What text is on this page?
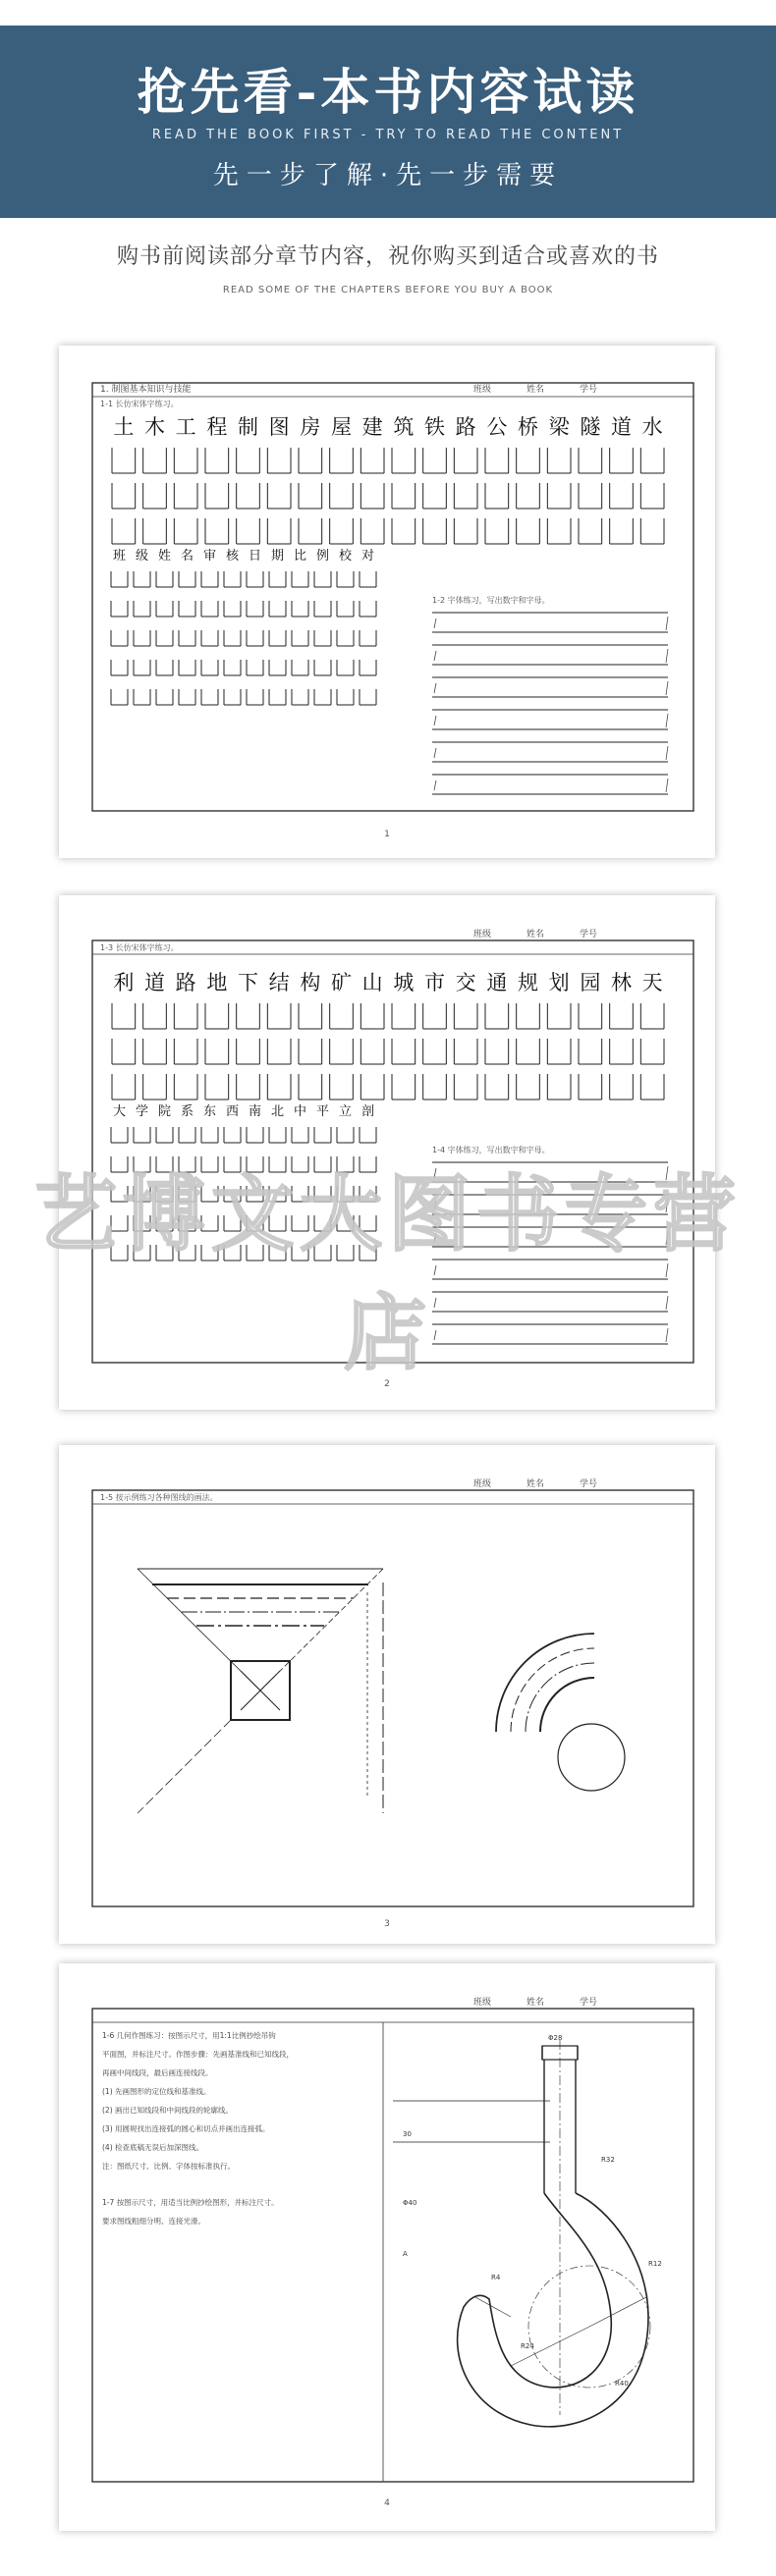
抢先看-本书内容试读
READ THE BOOK FIRST - TRY TO READ THE CONTENT
先一步了解·先一步需要
购书前阅读部分章节内容，祝你购买到适合或喜欢的书
READ SOME OF THE CHAPTERS BEFORE YOU BUY A BOOK
1. 制图基本知识与技能
1-1 长仿宋体字练习。
班级	姓名	学号
土 木 工 程 制 图 房 屋 建 筑 铁 路 公 桥 梁 隧 道 水
班 级 姓 名 审 核 日 期 比 例 校 对
1-2 字体练习，写出数字和字母。
1
1-3 长仿宋体字练习。
班级	姓名	学号
利 道 路 地 下 结 构 矿 山 城 市 交 通 规 划 园 林 天
大 学 院 系 东 西 南 北 中 平 立 剖
1-4 字体练习，写出数字和字母。
2
1-5 按示例练习各种图线的画法。
班级	姓名	学号
3
班级	姓名	学号
1-6 几何作图练习：按图示尺寸，用1:1比例抄绘吊钩
平面图，并标注尺寸。作图步骤：先画基准线和已知线段，
再画中间线段，最后画连接线段。
(1) 先画图形的定位线和基准线。
(2) 画出已知线段和中间线段的轮廓线。
(3) 用圆规找出连接弧的圆心和切点并画出连接弧。
(4) 检查底稿无误后加深图线。
注：图纸尺寸、比例、字体按标准执行。
1-7 按图示尺寸，用适当比例抄绘图形，并标注尺寸。
要求图线粗细分明、连接光滑。
Φ28
R32
R4
R24
R40
R12
Φ40
30
A
4
艺博文大图书专营店
